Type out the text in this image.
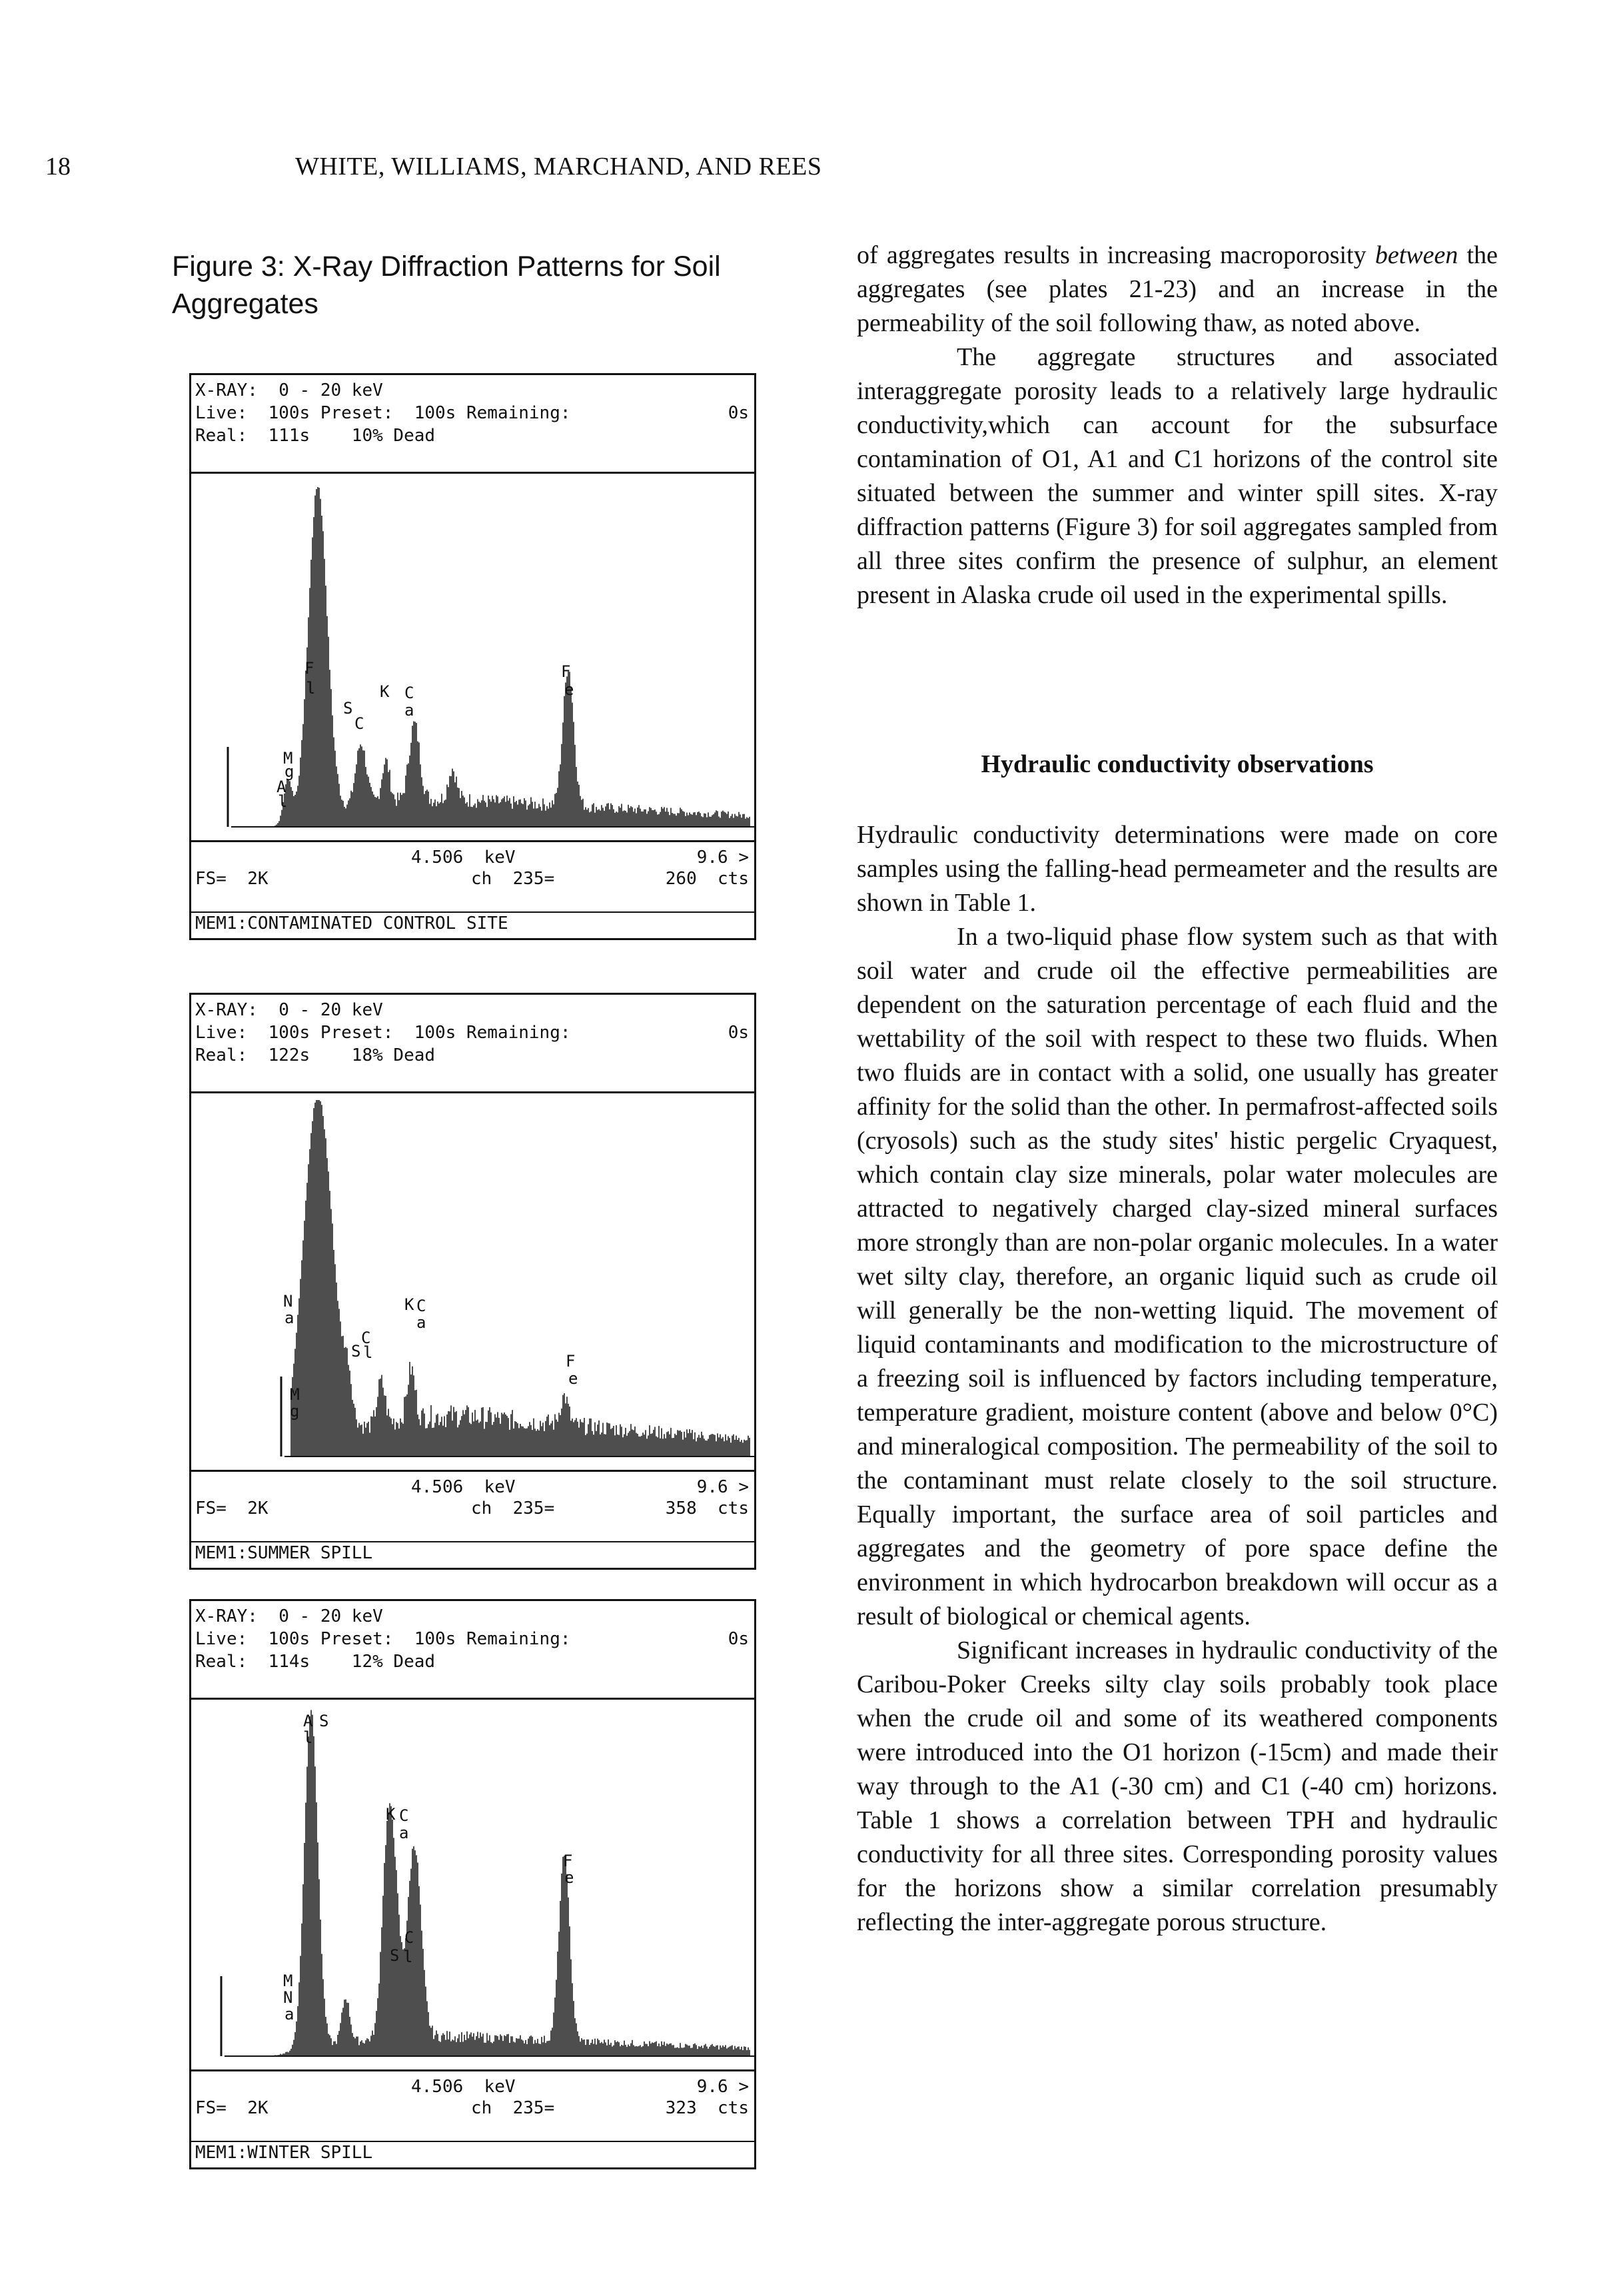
18	WHITE, WILLIAMS, MARCHAND, AND REES
Figure 3: X-Ray Diffraction Patterns for Soil
Aggregates
X-RAY:  0 - 20 keV
Live:  100s Preset:  100s Remaining:	0s
Real:  111s    10% Dead
F
l
S
C
K C
a
F
e
M
g
A
l
4.506  keV	9.6 >
FS=  2K	ch  235=	260  cts
MEM1:CONTAMINATED CONTROL SITE
X-RAY:  0 - 20 keV
Live:  100s Preset:  100s Remaining:	0s
Real:  122s    18% Dead
N
a
K C
a
S
C
l	F
e
M
g
4.506  keV	9.6 >
FS=  2K	ch  235=	358  cts
MEM1:SUMMER SPILL
X-RAY:  0 - 20 keV
Live:  100s Preset:  100s Remaining:	0s
Real:  114s    12% Dead
A S
l
K C
a
F
e
C
S l
M
N
a
4.506  keV	9.6 >
FS=  2K	ch  235=	323  cts
MEM1:WINTER SPILL

of aggregates results in increasing macroporosity between the aggregates (see plates 21-23) and an increase in the permeability of the soil following thaw, as noted above.

The aggregate structures and associated interaggregate porosity leads to a relatively large hydraulic conductivity,which can account for the subsurface contamination of O1, A1 and C1 horizons of the control site situated between the summer and winter spill sites. X-ray diffraction patterns (Figure 3) for soil aggregates sampled from all three sites confirm the presence of sulphur, an element present in Alaska crude oil used in the experimental spills.

Hydraulic conductivity observations

Hydraulic conductivity determinations were made on core samples using the falling-head permeameter and the results are shown in Table 1.

In a two-liquid phase flow system such as that with soil water and crude oil the effective permeabilities are dependent on the saturation percentage of each fluid and the wettability of the soil with respect to these two fluids. When two fluids are in contact with a solid, one usually has greater affinity for the solid than the other. In permafrost-affected soils (cryosols) such as the study sites' histic pergelic Cryaquest, which contain clay size minerals, polar water molecules are attracted to negatively charged clay-sized mineral surfaces more strongly than are non-polar organic molecules. In a water wet silty clay, therefore, an organic liquid such as crude oil will generally be the non-wetting liquid. The movement of liquid contaminants and modification to the microstructure of a freezing soil is influenced by factors including temperature, temperature gradient, moisture content (above and below 0°C) and mineralogical composition. The permeability of the soil to the contaminant must relate closely to the soil structure. Equally important, the surface area of soil particles and aggregates and the geometry of pore space define the environment in which hydrocarbon breakdown will occur as a result of biological or chemical agents.

Significant increases in hydraulic conductivity of the Caribou-Poker Creeks silty clay soils probably took place when the crude oil and some of its weathered components were introduced into the O1 horizon (-15cm) and made their way through to the A1 (-30 cm) and C1 (-40 cm) horizons. Table 1 shows a correlation between TPH and hydraulic conductivity for all three sites. Corresponding porosity values for the horizons show a similar correlation presumably reflecting the inter-aggregate porous structure.
